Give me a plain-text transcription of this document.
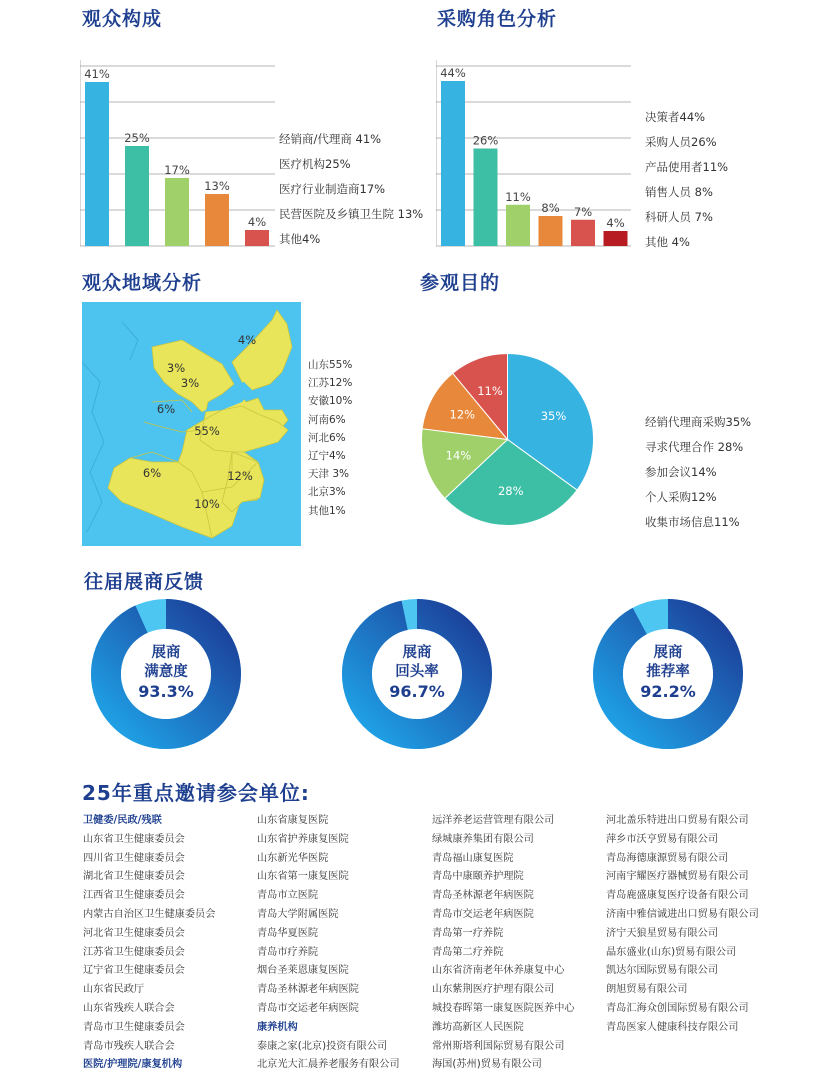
观众构成	采购角色分析
观众地域分析	参观目的
往届展商反馈
25年重点邀请参会单位:
41%
25%
17%
13%
4%
经销商/代理商 41%
医疗机构25%
医疗行业制造商17%
民营医院及乡镇卫生院 13%
其他4%
44%
26%
11%
8% 7%
4%
决策者44%
采购人员26%
产品使用者11%
销售人员 8%
科研人员 7%
其他 4%
4%
3%
3%
6%
55%
6%	12%
10%
山东55%
江苏12%
安徽10%
河南6%
河北6%
辽宁4%
天津 3%
北京3%
其他1%
35%
28%
14%
12%
11%
经销代理商采购35%
寻求代理合作 28%
参加会议14%
个人采购12%
收集市场信息11%
展商
满意度
93.3%
展商
回头率
96.7%
展商
推荐率
92.2%
卫健委/民政/残联
山东省卫生健康委员会
四川省卫生健康委员会
湖北省卫生健康委员会
江西省卫生健康委员会
内蒙古自治区卫生健康委员会
河北省卫生健康委员会
江苏省卫生健康委员会
辽宁省卫生健康委员会
山东省民政厅
山东省残疾人联合会
青岛市卫生健康委员会
青岛市残疾人联合会
医院/护理院/康复机构
山东省康复医院
山东省护养康复医院
山东新光华医院
山东省第一康复医院
青岛市立医院
青岛大学附属医院
青岛华夏医院
青岛市疗养院
烟台圣莱恩康复医院
青岛圣林源老年病医院
青岛市交运老年病医院
康养机构
泰康之家(北京)投资有限公司
北京光大汇晨养老服务有限公司
远洋养老运营管理有限公司
绿城康养集团有限公司
青岛福山康复医院
青岛中康颐养护理院
青岛圣林源老年病医院
青岛市交运老年病医院
青岛第一疗养院
青岛第二疗养院
山东省济南老年休养康复中心
山东紫荆医疗护理有限公司
城投春晖第一康复医院医养中心
潍坊高新区人民医院
常州斯塔利国际贸易有限公司
海国(苏州)贸易有限公司
河北盖乐特进出口贸易有限公司
萍乡市沃亨贸易有限公司
青岛海德康源贸易有限公司
河南宇耀医疗器械贸易有限公司
青岛鹿盛康复医疗设备有限公司
济南中雅信诚进出口贸易有限公司
济宁天狼星贸易有限公司
晶东盛业(山东)贸易有限公司
凯达尔国际贸易有限公司
朗旭贸易有限公司
青岛汇海众创国际贸易有限公司
青岛医家人健康科技存限公司
